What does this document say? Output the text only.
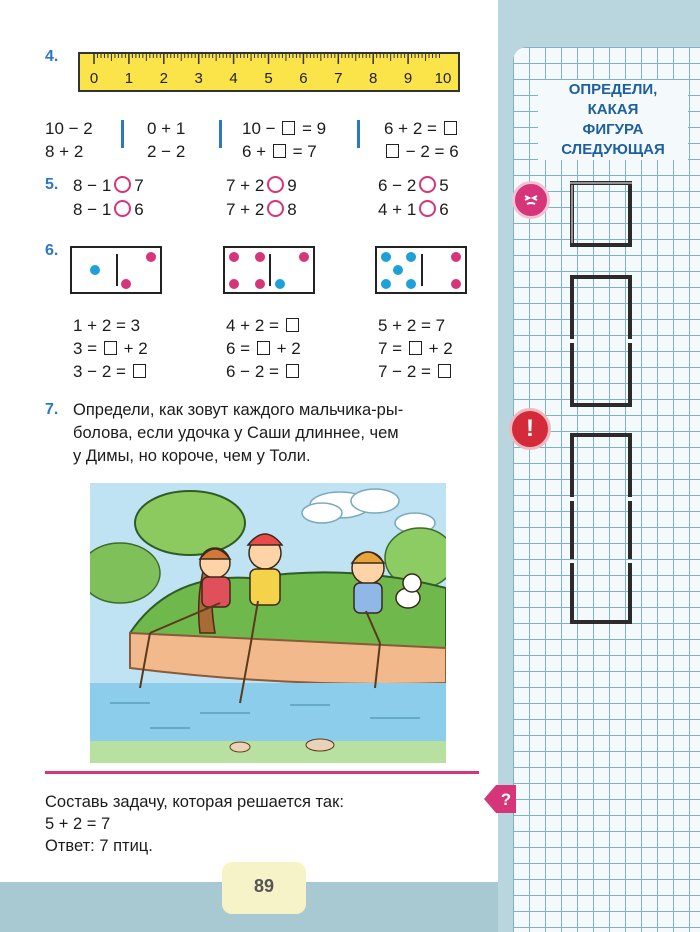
ОПРЕДЕЛИ,
КАКАЯ
ФИГУРА
СЛЕДУЮЩАЯ
!
4.
0 1 2 3 4 5 6 7 8 9 10
10 − 2
8 + 2
0 + 1
2 − 2
10 −  = 9
6 +  = 7
6 + 2 =
− 2 = 6
5. 8 − 1 7
8 − 1 6
7 + 2 9
7 + 2 8
6 − 2 5
4 + 1 6
6.
1 + 2 = 3
3 =  + 2
3 − 2 =
4 + 2 =
6 =  + 2
6 − 2 =
5 + 2 = 7
7 =  + 2
7 − 2 =
7. Определи, как зовут каждого мальчика-ры-
болова, если удочка у Саши длиннее, чем
у Димы, но короче, чем у Толи.
Составь задачу, которая решается так:
5 + 2 = 7
Ответ: 7 птиц.
?
89
